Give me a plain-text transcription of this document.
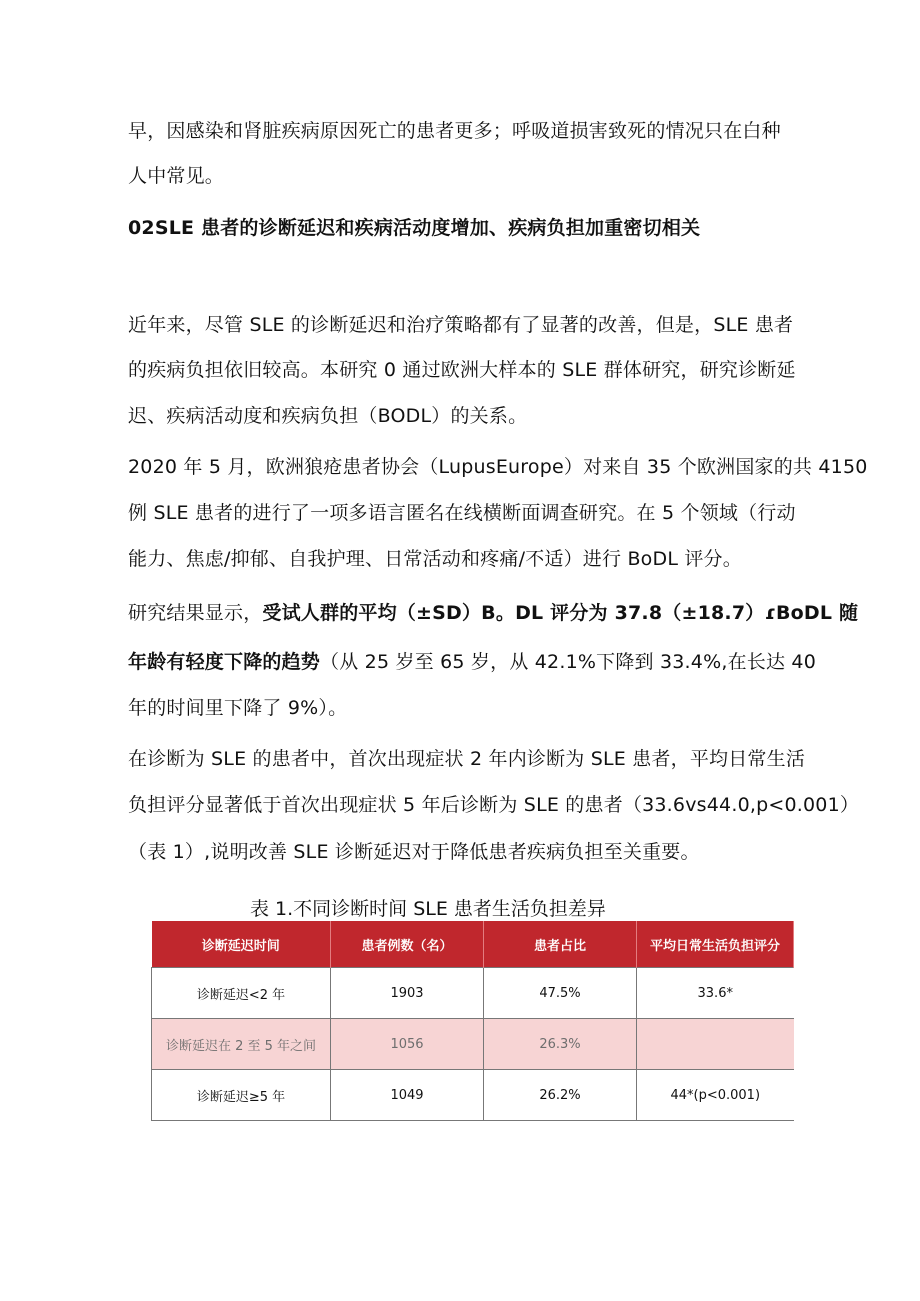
早，因感染和肾脏疾病原因死亡的患者更多；呼吸道损害致死的情况只在白种
人中常见。
02SLE 患者的诊断延迟和疾病活动度增加、疾病负担加重密切相关
近年来，尽管 SLE 的诊断延迟和治疗策略都有了显著的改善，但是，SLE 患者
的疾病负担依旧较高。本研究 0 通过欧洲大样本的 SLE 群体研究，研究诊断延
迟、疾病活动度和疾病负担（BODL）的关系。
2020 年 5 月，欧洲狼疮患者协会（LupusEurope）对来自 35 个欧洲国家的共 4150
例 SLE 患者的进行了一项多语言匿名在线横断面调查研究。在 5 个领域（行动
能力、焦虑/抑郁、自我护理、日常活动和疼痛/不适）进行 BoDL 评分。
研究结果显示，受试人群的平均（±SD）B。DL 评分为 37.8（±18.7）ɾBoDL 随
年龄有轻度下降的趋势（从 25 岁至 65 岁，从 42.1%下降到 33.4%,在长达 40
年的时间里下降了 9%）。
在诊断为 SLE 的患者中，首次出现症状 2 年内诊断为 SLE 患者，平均日常生活
负担评分显著低于首次出现症状 5 年后诊断为 SLE 的患者（33.6vs44.0,p<0.001）
（表 1）,说明改善 SLE 诊断延迟对于降低患者疾病负担至关重要。
表 1.不同诊断时间 SLE 患者生活负担差异
诊断延迟时间	患者例数（名）	患者占比	平均日常生活负担评分
诊断延迟<2 年	1903	47.5%	33.6*
诊断延迟在 2 至 5 年之间	1056	26.3%	
诊断延迟≥5 年	1049	26.2%	44*(p<0.001)
